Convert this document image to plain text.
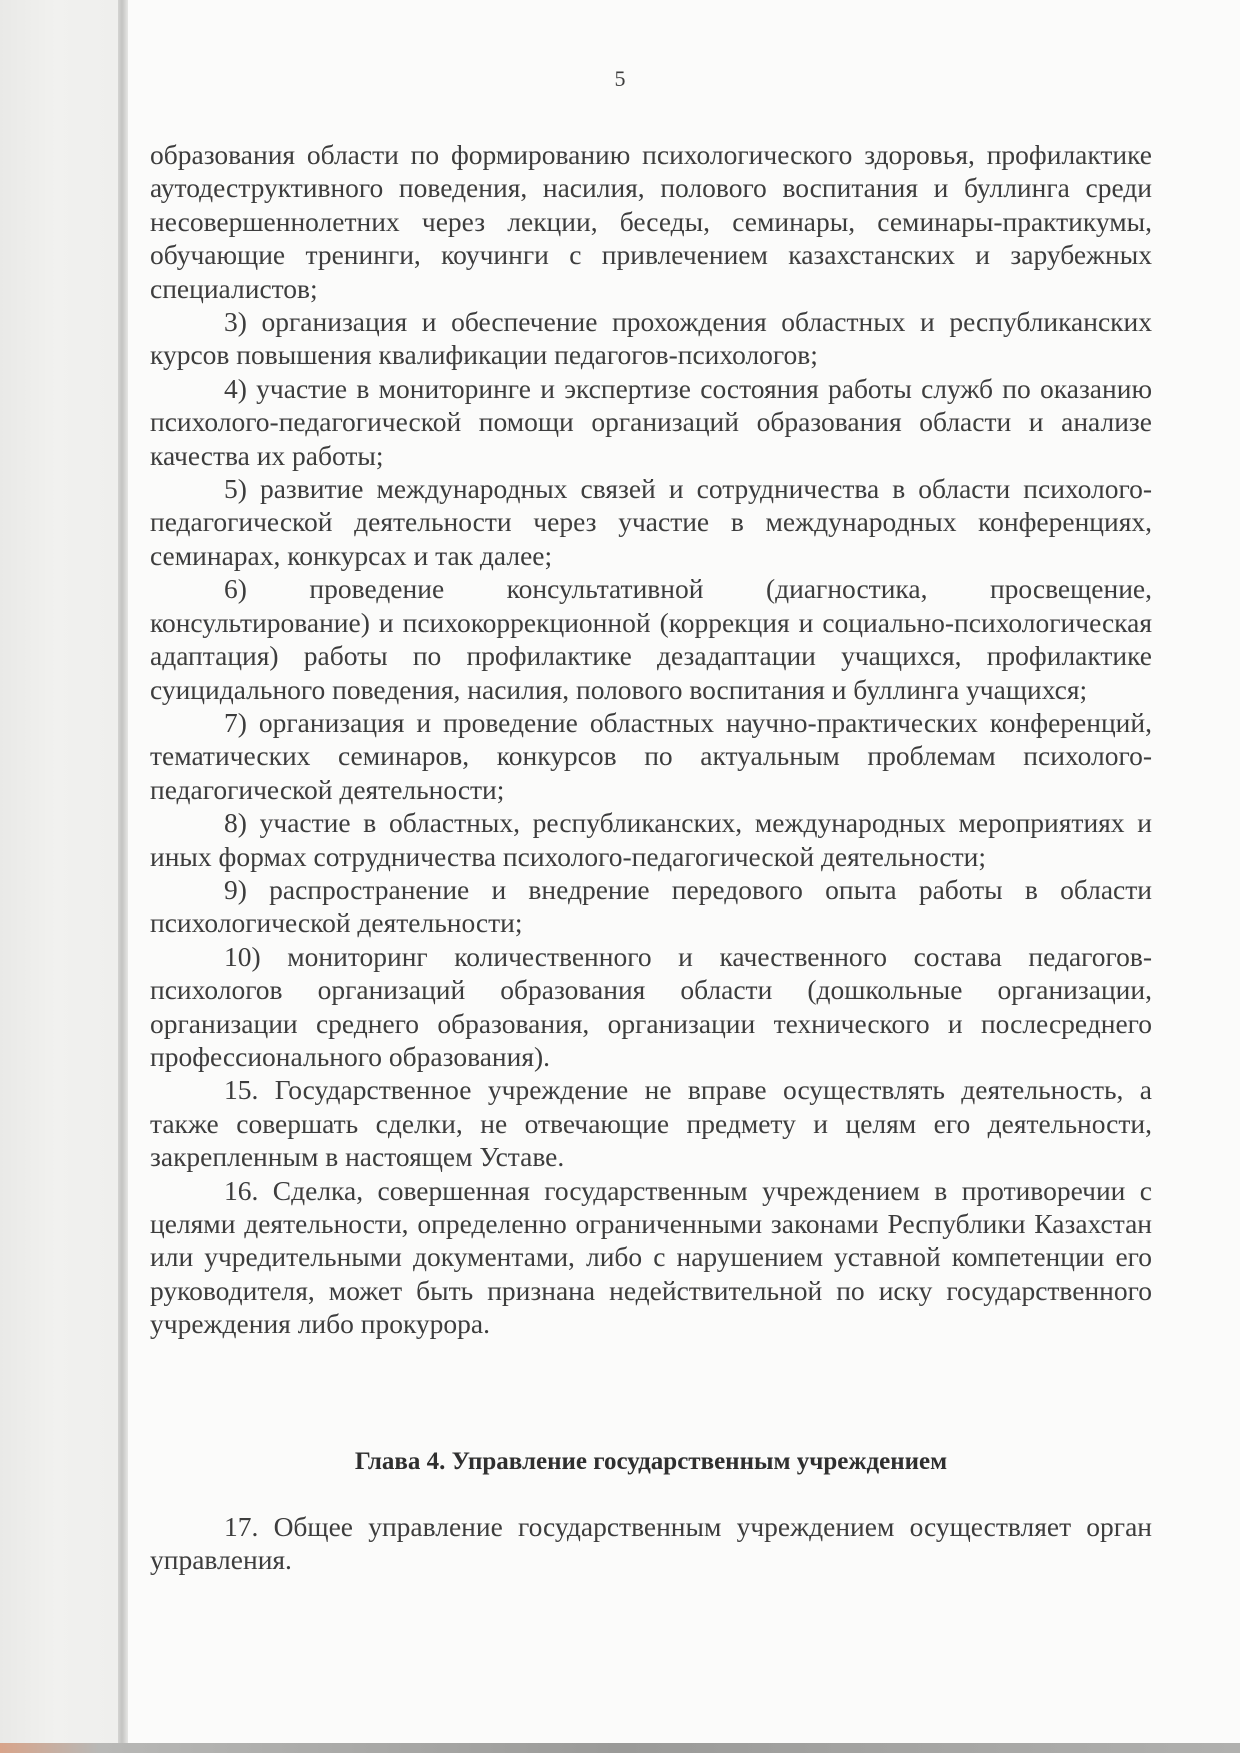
5

образования области по формированию психологического здоровья, профилактике аутодеструктивного поведения, насилия, полового воспитания и буллинга среди несовершеннолетних через лекции, беседы, семинары, семинары-практикумы, обучающие тренинги, коучинги с привлечением казахстанских и зарубежных специалистов;

3) организация и обеспечение прохождения областных и республиканских курсов повышения квалификации педагогов-психологов;

4) участие в мониторинге и экспертизе состояния работы служб по оказанию психолого-педагогической помощи организаций образования области и анализе качества их работы;

5) развитие международных связей и сотрудничества в области психолого-педагогической деятельности через участие в международных конференциях, семинарах, конкурсах и так далее;

6) проведение консультативной (диагностика, просвещение, консультирование) и психокоррекционной (коррекция и социально-психологическая адаптация) работы по профилактике дезадаптации учащихся, профилактике суицидального поведения, насилия, полового воспитания и буллинга учащихся;

7) организация и проведение областных научно-практических конференций, тематических семинаров, конкурсов по актуальным проблемам психолого-педагогической деятельности;

8) участие в областных, республиканских, международных мероприятиях и иных формах сотрудничества психолого-педагогической деятельности;

9) распространение и внедрение передового опыта работы в области психологической деятельности;

10) мониторинг количественного и качественного состава педагогов-психологов организаций образования области (дошкольные организации, организации среднего образования, организации технического и послесреднего профессионального образования).

15. Государственное учреждение не вправе осуществлять деятельность, а также совершать сделки, не отвечающие предмету и целям его деятельности, закрепленным в настоящем Уставе.

16. Сделка, совершенная государственным учреждением в противоречии с целями деятельности, определенно ограниченными законами Республики Казахстан или учредительными документами, либо с нарушением уставной компетенции его руководителя, может быть признана недействительной по иску государственного учреждения либо прокурора.

Глава 4. Управление государственным учреждением

17. Общее управление государственным учреждением осуществляет орган управления.
